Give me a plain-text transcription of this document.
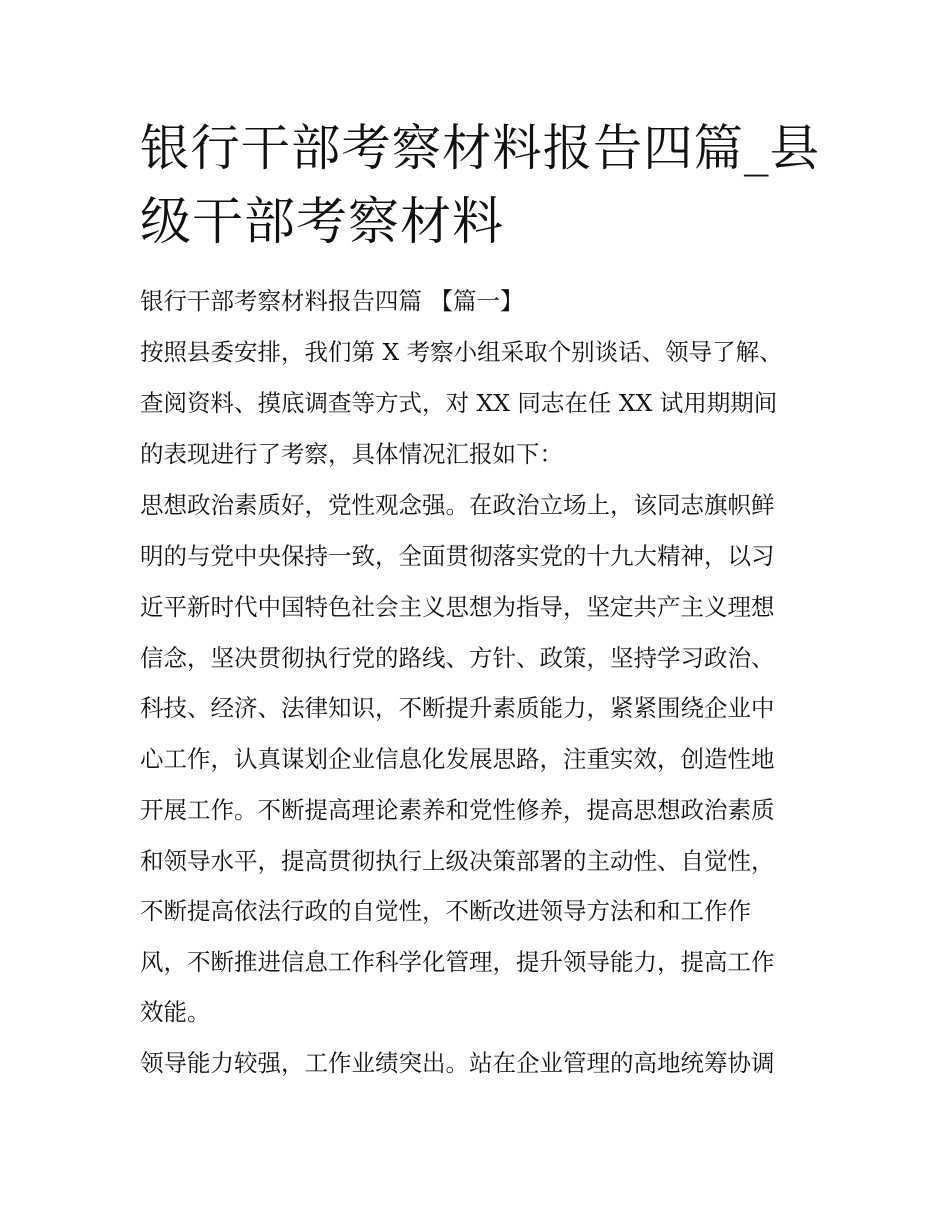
银行干部考察材料报告四篇_县
级干部考察材料

银行干部考察材料报告四篇 【篇一】

按照县委安排，我们第 X 考察小组采取个别谈话、领导了解、

查阅资料、摸底调查等方式，对 XX 同志在任 XX 试用期期间

的表现进行了考察，具体情况汇报如下：

思想政治素质好，党性观念强。在政治立场上，该同志旗帜鲜

明的与党中央保持一致，全面贯彻落实党的十九大精神，以习

近平新时代中国特色社会主义思想为指导，坚定共产主义理想

信念，坚决贯彻执行党的路线、方针、政策，坚持学习政治、

科技、经济、法律知识，不断提升素质能力，紧紧围绕企业中

心工作，认真谋划企业信息化发展思路，注重实效，创造性地

开展工作。不断提高理论素养和党性修养，提高思想政治素质

和领导水平，提高贯彻执行上级决策部署的主动性、自觉性，

不断提高依法行政的自觉性，不断改进领导方法和和工作作

风，不断推进信息工作科学化管理，提升领导能力，提高工作

效能。

领导能力较强，工作业绩突出。站在企业管理的高地统筹协调
